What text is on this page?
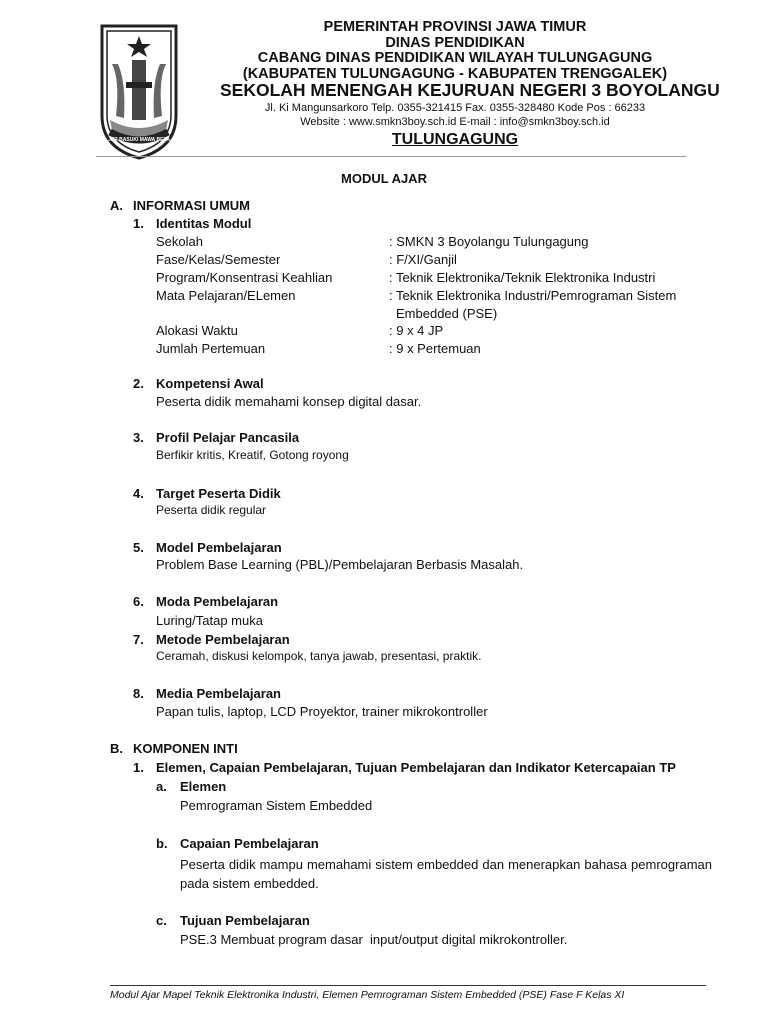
JER BASUKI MAWA BEYA
PEMERINTAH PROVINSI JAWA TIMUR
DINAS PENDIDIKAN
CABANG DINAS PENDIDIKAN WILAYAH TULUNGAGUNG
(KABUPATEN TULUNGAGUNG - KABUPATEN TRENGGALEK)
SEKOLAH MENENGAH KEJURUAN NEGERI 3 BOYOLANGU
Jl. Ki Mangunsarkoro Telp. 0355-321415 Fax. 0355-328480 Kode Pos : 66233
Website : www.smkn3boy.sch.id E-mail : info@smkn3boy.sch.id
TULUNGAGUNG
MODUL AJAR
A. INFORMASI UMUM
1. Identitas Modul
Sekolah	: SMKN 3 Boyolangu Tulungagung
Fase/Kelas/Semester	: F/XI/Ganjil
Program/Konsentrasi Keahlian	: Teknik Elektronika/Teknik Elektronika Industri
Mata Pelajaran/ELemen	: Teknik Elektronika Industri/Pemrograman Sistem
Embedded (PSE)
Alokasi Waktu	: 9 x 4 JP
Jumlah Pertemuan	: 9 x Pertemuan
2. Kompetensi Awal
Peserta didik memahami konsep digital dasar.
3. Profil Pelajar Pancasila
Berfikir kritis, Kreatif, Gotong royong
4. Target Peserta Didik
Peserta didik regular
5. Model Pembelajaran
Problem Base Learning (PBL)/Pembelajaran Berbasis Masalah.
6. Moda Pembelajaran
Luring/Tatap muka
7. Metode Pembelajaran
Ceramah, diskusi kelompok, tanya jawab, presentasi, praktik.
8. Media Pembelajaran
Papan tulis, laptop, LCD Proyektor, trainer mikrokontroller
B. KOMPONEN INTI
1. Elemen, Capaian Pembelajaran, Tujuan Pembelajaran dan Indikator Ketercapaian TP
a. Elemen
Pemrograman Sistem Embedded
b. Capaian Pembelajaran
Peserta didik mampu memahami sistem embedded dan menerapkan bahasa pemrograman pada sistem embedded.
c. Tujuan Pembelajaran
PSE.3 Membuat program dasar  input/output digital mikrokontroller.
Modul Ajar Mapel Teknik Elektronika Industri, Elemen Pemrograman Sistem Embedded (PSE) Fase F Kelas XI
